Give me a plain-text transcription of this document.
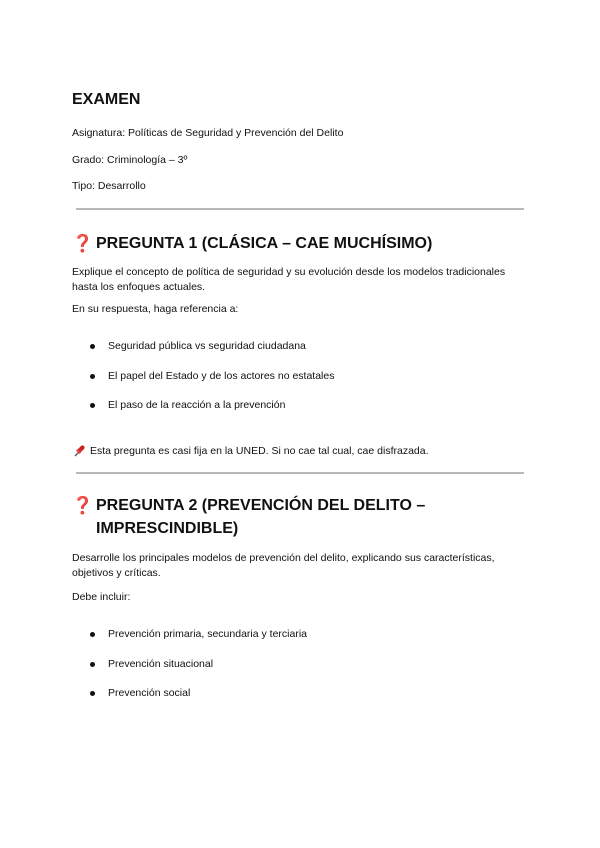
EXAMEN

Asignatura: Políticas de Seguridad y Prevención del Delito

Grado: Criminología – 3º

Tipo: Desarrollo

❓ PREGUNTA 1 (CLÁSICA – CAE MUCHÍSIMO)

Explique el concepto de política de seguridad y su evolución desde los modelos tradicionales hasta los enfoques actuales.

En su respuesta, haga referencia a:

Seguridad pública vs seguridad ciudadana
El papel del Estado y de los actores no estatales
El paso de la reacción a la prevención
Esta pregunta es casi fija en la UNED. Si no cae tal cual, cae disfrazada.
❓ PREGUNTA 2 (PREVENCIÓN DEL DELITO – IMPRESCINDIBLE)

Desarrolle los principales modelos de prevención del delito, explicando sus características, objetivos y críticas.

Debe incluir:

Prevención primaria, secundaria y terciaria
Prevención situacional
Prevención social
